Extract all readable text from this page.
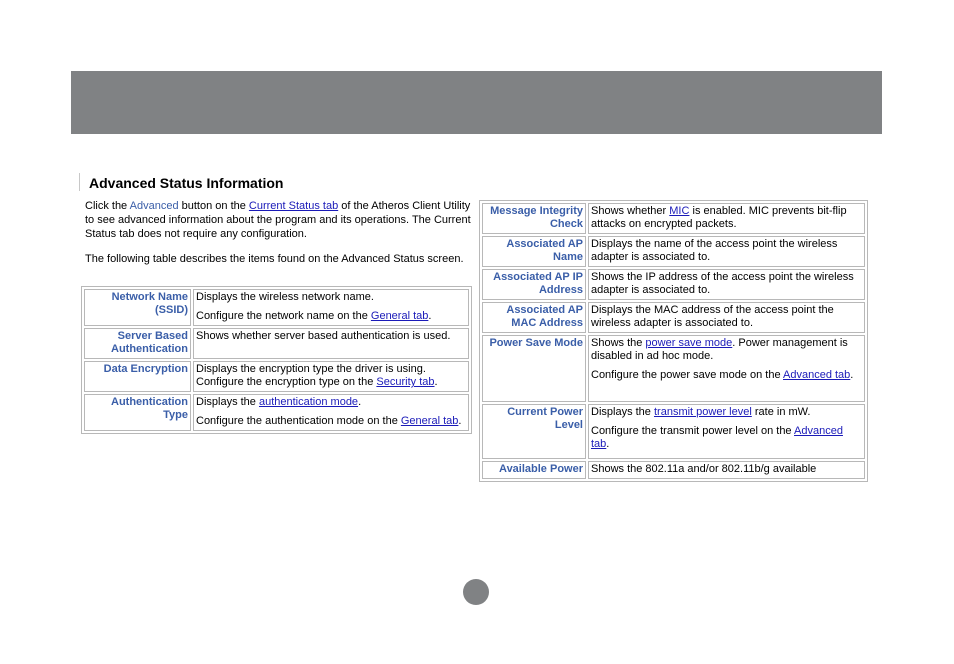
Advanced Status Information

Click the Advanced button on the Current Status tab of the Atheros Client Utility to see advanced information about the program and its operations. The Current Status tab does not require any configuration.

The following table describes the items found on the Advanced Status screen.

Network Name (SSID)	Displays the wireless network name.

Configure the network name on the General tab.

Server Based Authentication	Shows whether server based authentication is used.

Data Encryption	Displays the encryption type the driver is using.
Configure the encryption type on the Security tab.

Authentication Type	Displays the authentication mode.

Configure the authentication mode on the General tab.

Message Integrity Check	Shows whether MIC is enabled. MIC prevents bit-flip attacks on encrypted packets.

Associated AP Name	Displays the name of the access point the wireless adapter is associated to.

Associated AP IP Address	Shows the IP address of the access point the wireless adapter is associated to.

Associated AP MAC Address	Displays the MAC address of the access point the wireless adapter is associated to.

Power Save Mode	Shows the power save mode. Power management is disabled in ad hoc mode.

Configure the power save mode on the Advanced tab.

Current Power Level	Displays the transmit power level rate in mW.

Configure the transmit power level on the Advanced tab.

Available Power	Shows the 802.11a and/or 802.11b/g available
